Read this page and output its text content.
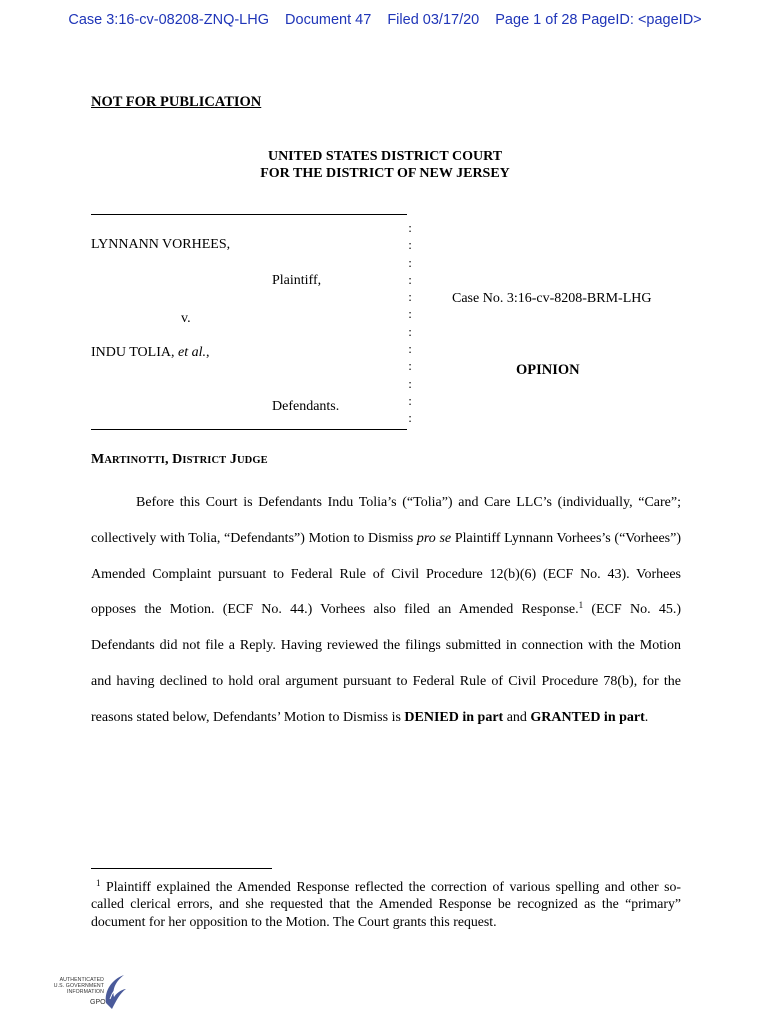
Case 3:16-cv-08208-ZNQ-LHG Document 47 Filed 03/17/20 Page 1 of 28 PageID: <pageID>
NOT FOR PUBLICATION
UNITED STATES DISTRICT COURT
FOR THE DISTRICT OF NEW JERSEY
LYNNANN VORHEES,
Plaintiff,
v.
INDU TOLIA, et al.,
Defendants.
:
:
:
:
:
:
:
:
:
:
:
:
Case No. 3:16-cv-8208-BRM-LHG
OPINION
MARTINOTTI, DISTRICT JUDGE
Before this Court is Defendants Indu Tolia’s (“Tolia”) and Care LLC’s (individually, “Care”; collectively with Tolia, “Defendants”) Motion to Dismiss pro se Plaintiff Lynnann Vorhees’s (“Vorhees”) Amended Complaint pursuant to Federal Rule of Civil Procedure 12(b)(6) (ECF No. 43). Vorhees opposes the Motion. (ECF No. 44.) Vorhees also filed an Amended Response.$^1$ (ECF No. 45.) Defendants did not file a Reply. Having reviewed the filings submitted in connection with the Motion and having declined to hold oral argument pursuant to Federal Rule of Civil Procedure 78(b), for the reasons stated below, Defendants’ Motion to Dismiss is DENIED in part and GRANTED in part.
$^1$ Plaintiff explained the Amended Response reflected the correction of various spelling and other so-called clerical errors, and she requested that the Amended Response be recognized as the “primary” document for her opposition to the Motion. The Court grants this request.
AUTHENTICATED
U.S. GOVERNMENT
INFORMATION
GPO
